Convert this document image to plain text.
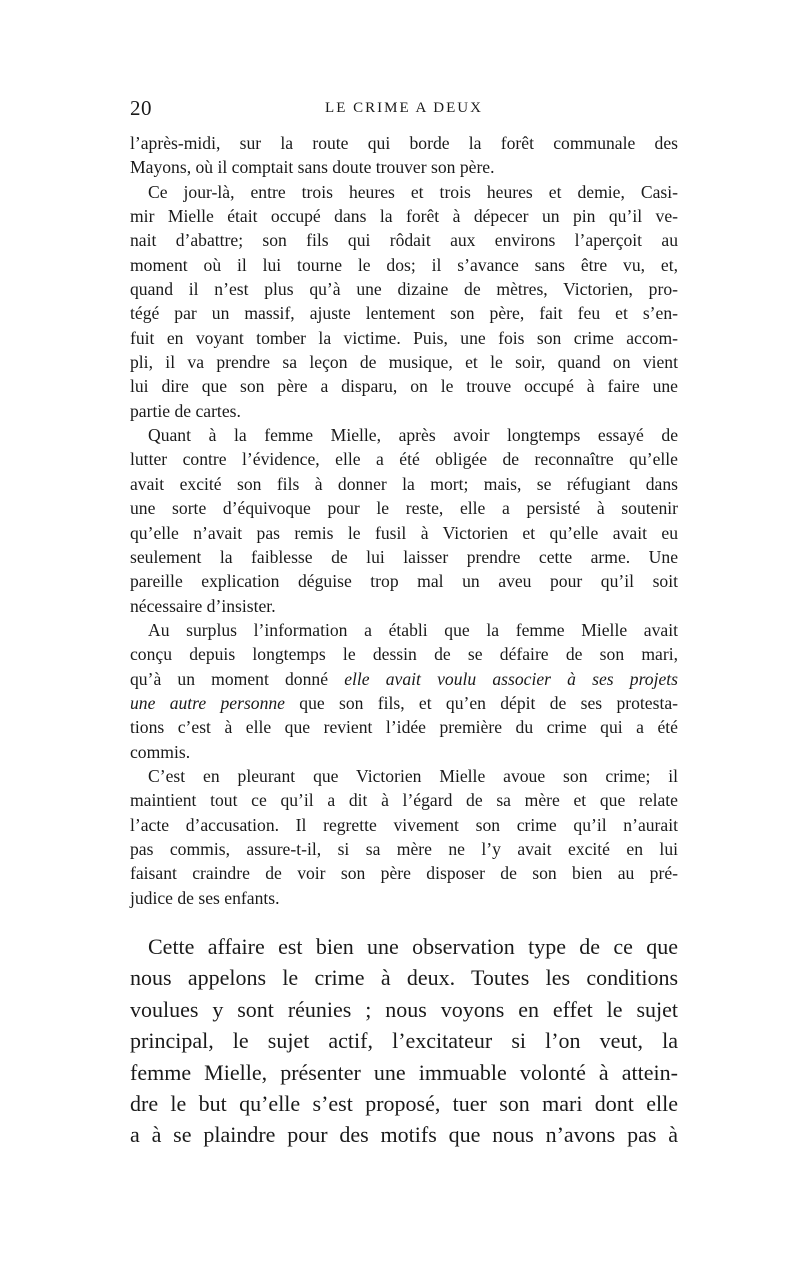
20	LE CRIME A DEUX

l’après-midi, sur la route qui borde la forêt communale des
Mayons, où il comptait sans doute trouver son père.

Ce jour-là, entre trois heures et trois heures et demie, Casi-
mir Mielle était occupé dans la forêt à dépecer un pin qu’il ve-
nait d’abattre; son fils qui rôdait aux environs l’aperçoit au
moment où il lui tourne le dos; il s’avance sans être vu, et,
quand il n’est plus qu’à une dizaine de mètres, Victorien, pro-
tégé par un massif, ajuste lentement son père, fait feu et s’en-
fuit en voyant tomber la victime. Puis, une fois son crime accom-
pli, il va prendre sa leçon de musique, et le soir, quand on vient
lui dire que son père a disparu, on le trouve occupé à faire une
partie de cartes.

Quant à la femme Mielle, après avoir longtemps essayé de
lutter contre l’évidence, elle a été obligée de reconnaître qu’elle
avait excité son fils à donner la mort; mais, se réfugiant dans
une sorte d’équivoque pour le reste, elle a persisté à soutenir
qu’elle n’avait pas remis le fusil à Victorien et qu’elle avait eu
seulement la faiblesse de lui laisser prendre cette arme. Une
pareille explication déguise trop mal un aveu pour qu’il soit
nécessaire d’insister.

Au surplus l’information a établi que la femme Mielle avait
conçu depuis longtemps le dessin de se défaire de son mari,
qu’à un moment donné elle avait voulu associer à ses projets
une autre personne que son fils, et qu’en dépit de ses protesta-
tions c’est à elle que revient l’idée première du crime qui a été
commis.

C’est en pleurant que Victorien Mielle avoue son crime; il
maintient tout ce qu’il a dit à l’égard de sa mère et que relate
l’acte d’accusation. Il regrette vivement son crime qu’il n’aurait
pas commis, assure-t-il, si sa mère ne l’y avait excité en lui
faisant craindre de voir son père disposer de son bien au pré-
judice de ses enfants.

Cette affaire est bien une observation type de ce que
nous appelons le crime à deux. Toutes les conditions
voulues y sont réunies ; nous voyons en effet le sujet
principal, le sujet actif, l’excitateur si l’on veut, la
femme Mielle, présenter une immuable volonté à attein-
dre le but qu’elle s’est proposé, tuer son mari dont elle
a à se plaindre pour des motifs que nous n’avons pas à
